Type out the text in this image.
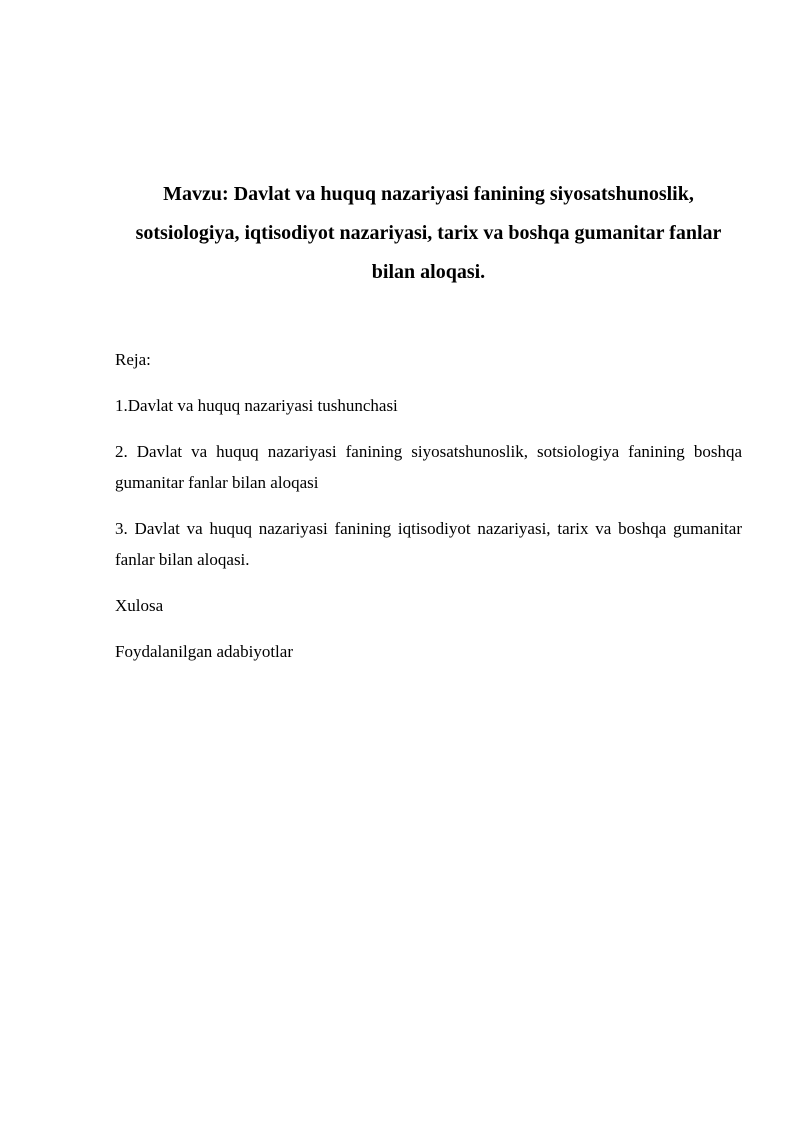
Mavzu: Davlat va huquq nazariyasi fanining siyosatshunoslik, sotsiologiya, iqtisodiyot nazariyasi, tarix va boshqa gumanitar fanlar bilan aloqasi.

Reja:

1.Davlat va huquq nazariyasi tushunchasi

2. Davlat va huquq nazariyasi fanining siyosatshunoslik, sotsiologiya fanining boshqa gumanitar fanlar bilan aloqasi

3. Davlat va huquq nazariyasi fanining iqtisodiyot nazariyasi, tarix va boshqa gumanitar fanlar bilan aloqasi.

Xulosa

Foydalanilgan adabiyotlar
